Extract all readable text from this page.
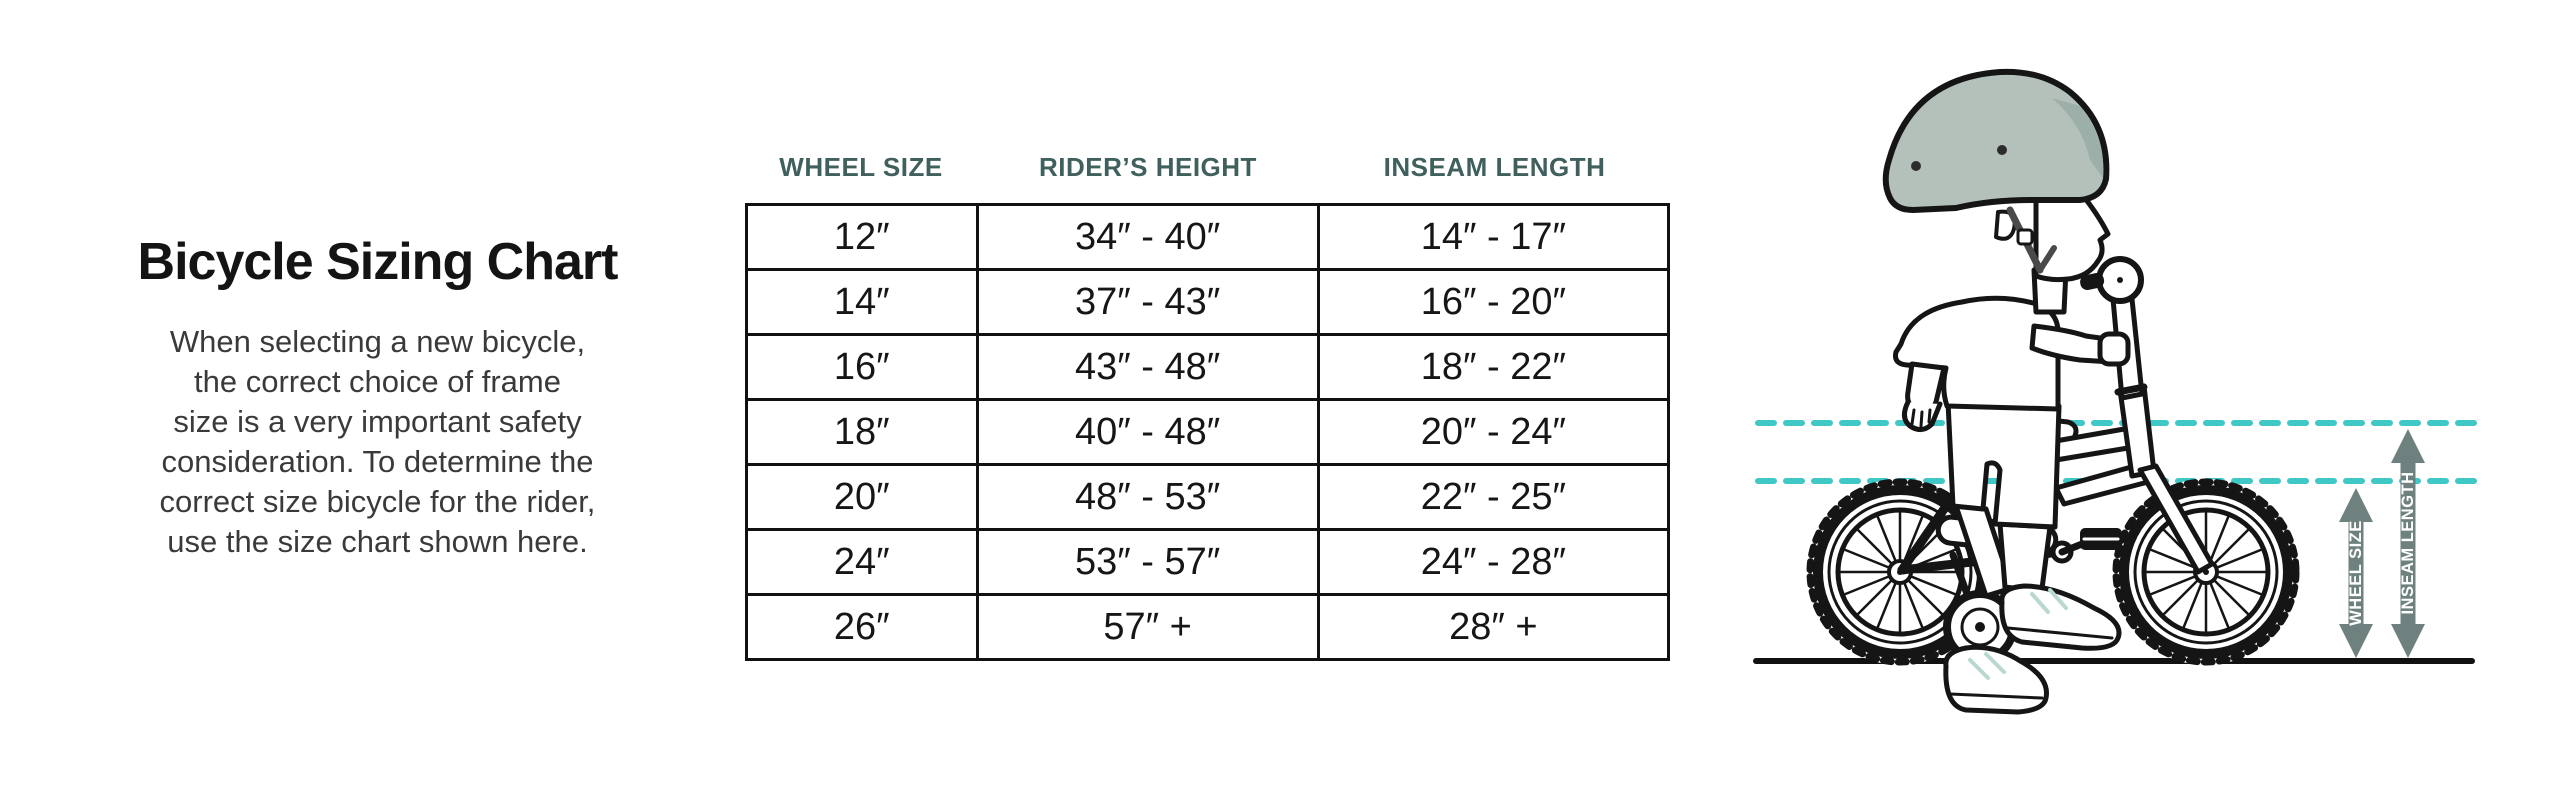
Bicycle Sizing Chart
When selecting a new bicycle,
the correct choice of frame
size is a very important safety
consideration. To determine the
correct size bicycle for the rider,
use the size chart shown here.
WHEEL SIZE	RIDER’S HEIGHT	INSEAM LENGTH
12″	34″ - 40″	14″ - 17″
14″	37″ - 43″	16″ - 20″
16″	43″ - 48″	18″ - 22″
18″	40″ - 48″	20″ - 24″
20″	48″ - 53″	22″ - 25″
24″	53″ - 57″	24″ - 28″
26″	57″ +	28″ +
WHEEL SIZE INSEAM LENGTH
